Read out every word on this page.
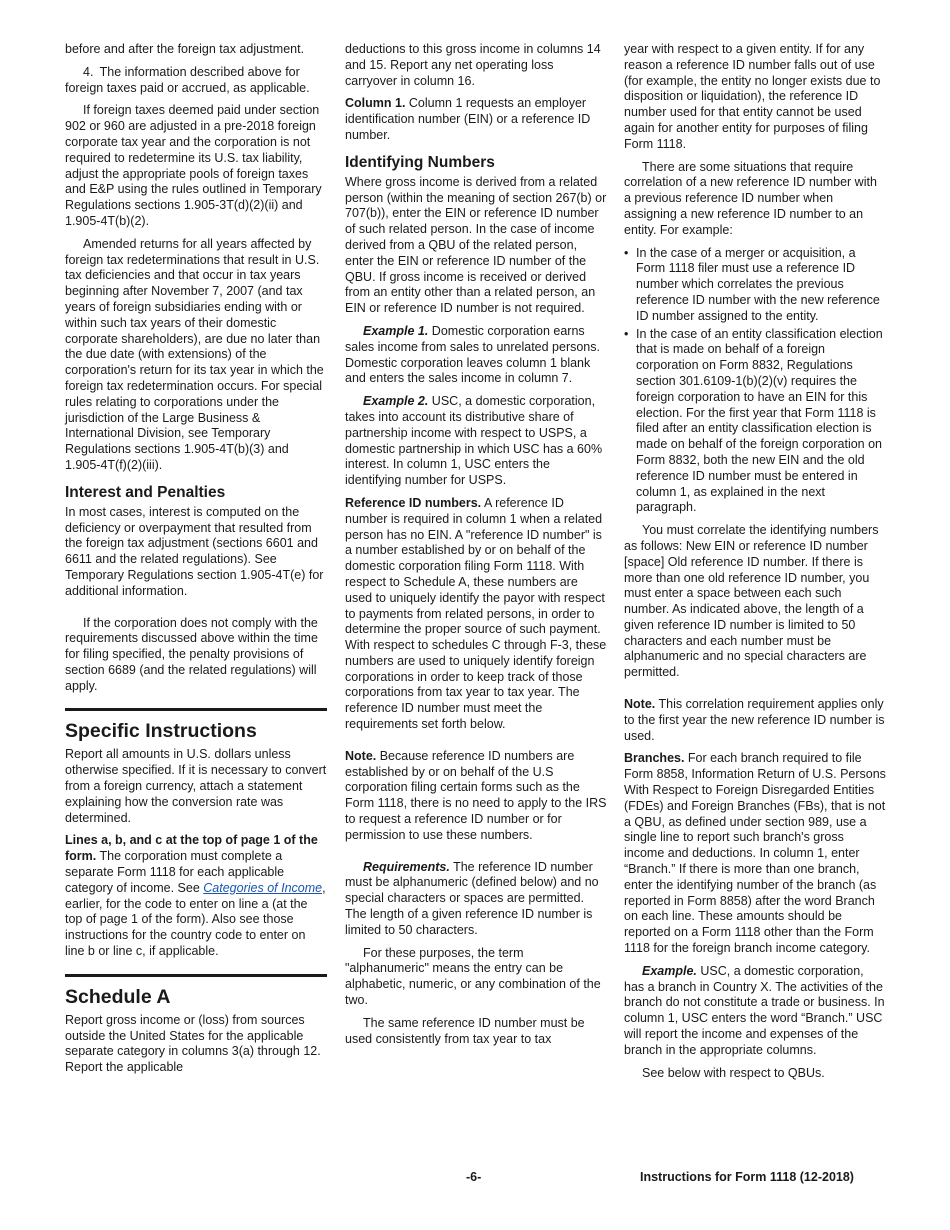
before and after the foreign tax adjustment.

4. The information described above for foreign taxes paid or accrued, as applicable.

If foreign taxes deemed paid under section 902 or 960 are adjusted in a pre-2018 foreign corporate tax year and the corporation is not required to redetermine its U.S. tax liability, adjust the appropriate pools of foreign taxes and E&P using the rules outlined in Temporary Regulations sections 1.905-3T(d)(2)(ii) and 1.905-4T(b)(2).

Amended returns for all years affected by foreign tax redeterminations that result in U.S. tax deficiencies and that occur in tax years beginning after November 7, 2007 (and tax years of foreign subsidiaries ending with or within such tax years of their domestic corporate shareholders), are due no later than the due date (with extensions) of the corporation's return for its tax year in which the foreign tax redetermination occurs. For special rules relating to corporations under the jurisdiction of the Large Business & International Division, see Temporary Regulations sections 1.905-4T(b)(3) and 1.905-4T(f)(2)(iii).

Interest and Penalties

In most cases, interest is computed on the deficiency or overpayment that resulted from the foreign tax adjustment (sections 6601 and 6611 and the related regulations). See Temporary Regulations section 1.905-4T(e) for additional information.

If the corporation does not comply with the requirements discussed above within the time for filing specified, the penalty provisions of section 6689 (and the related regulations) will apply.

Specific Instructions

Report all amounts in U.S. dollars unless otherwise specified. If it is necessary to convert from a foreign currency, attach a statement explaining how the conversion rate was determined.

Lines a, b, and c at the top of page 1 of the form. The corporation must complete a separate Form 1118 for each applicable category of income. See Categories of Income, earlier, for the code to enter on line a (at the top of page 1 of the form). Also see those instructions for the country code to enter on line b or line c, if applicable.

Schedule A

Report gross income or (loss) from sources outside the United States for the applicable separate category in columns 3(a) through 12. Report the applicable

deductions to this gross income in columns 14 and 15. Report any net operating loss carryover in column 16.

Column 1. Column 1 requests an employer identification number (EIN) or a reference ID number.

Identifying Numbers

Where gross income is derived from a related person (within the meaning of section 267(b) or 707(b)), enter the EIN or reference ID number of such related person. In the case of income derived from a QBU of the related person, enter the EIN or reference ID number of the QBU. If gross income is received or derived from an entity other than a related person, an EIN or reference ID number is not required.

Example 1. Domestic corporation earns sales income from sales to unrelated persons. Domestic corporation leaves column 1 blank and enters the sales income in column 7.

Example 2. USC, a domestic corporation, takes into account its distributive share of partnership income with respect to USPS, a domestic partnership in which USC has a 60% interest. In column 1, USC enters the identifying number for USPS.

Reference ID numbers. A reference ID number is required in column 1 when a related person has no EIN. A "reference ID number" is a number established by or on behalf of the domestic corporation filing Form 1118. With respect to Schedule A, these numbers are used to uniquely identify the payor with respect to payments from related persons, in order to determine the proper source of such payment. With respect to schedules C through F-3, these numbers are used to uniquely identify foreign corporations in order to keep track of those corporations from tax year to tax year. The reference ID number must meet the requirements set forth below.

Note. Because reference ID numbers are established by or on behalf of the U.S corporation filing certain forms such as the Form 1118, there is no need to apply to the IRS to request a reference ID number or for permission to use these numbers.

Requirements. The reference ID number must be alphanumeric (defined below) and no special characters or spaces are permitted. The length of a given reference ID number is limited to 50 characters.

For these purposes, the term "alphanumeric" means the entry can be alphabetic, numeric, or any combination of the two.

The same reference ID number must be used consistently from tax year to tax

year with respect to a given entity. If for any reason a reference ID number falls out of use (for example, the entity no longer exists due to disposition or liquidation), the reference ID number used for that entity cannot be used again for another entity for purposes of filing Form 1118.

There are some situations that require correlation of a new reference ID number with a previous reference ID number when assigning a new reference ID number to an entity. For example:

• In the case of a merger or acquisition, a Form 1118 filer must use a reference ID number which correlates the previous reference ID number with the new reference ID number assigned to the entity.
• In the case of an entity classification election that is made on behalf of a foreign corporation on Form 8832, Regulations section 301.6109-1(b)(2)(v) requires the foreign corporation to have an EIN for this election. For the first year that Form 1118 is filed after an entity classification election is made on behalf of the foreign corporation on Form 8832, both the new EIN and the old reference ID number must be entered in column 1, as explained in the next paragraph.

You must correlate the identifying numbers as follows: New EIN or reference ID number [space] Old reference ID number. If there is more than one old reference ID number, you must enter a space between each such number. As indicated above, the length of a given reference ID number is limited to 50 characters and each number must be alphanumeric and no special characters are permitted.

Note. This correlation requirement applies only to the first year the new reference ID number is used.

Branches. For each branch required to file Form 8858, Information Return of U.S. Persons With Respect to Foreign Disregarded Entities (FDEs) and Foreign Branches (FBs), that is not a QBU, as defined under section 989, use a single line to report such branch's gross income and deductions. In column 1, enter “Branch.” If there is more than one branch, enter the identifying number of the branch (as reported in Form 8858) after the word Branch on each line. These amounts should be reported on a Form 1118 other than the Form 1118 for the foreign branch income category.

Example. USC, a domestic corporation, has a branch in Country X. The activities of the branch do not constitute a trade or business. In column 1, USC enters the word “Branch.” USC will report the income and expenses of the branch in the appropriate columns.

See below with respect to QBUs.

-6-	Instructions for Form 1118 (12-2018)
